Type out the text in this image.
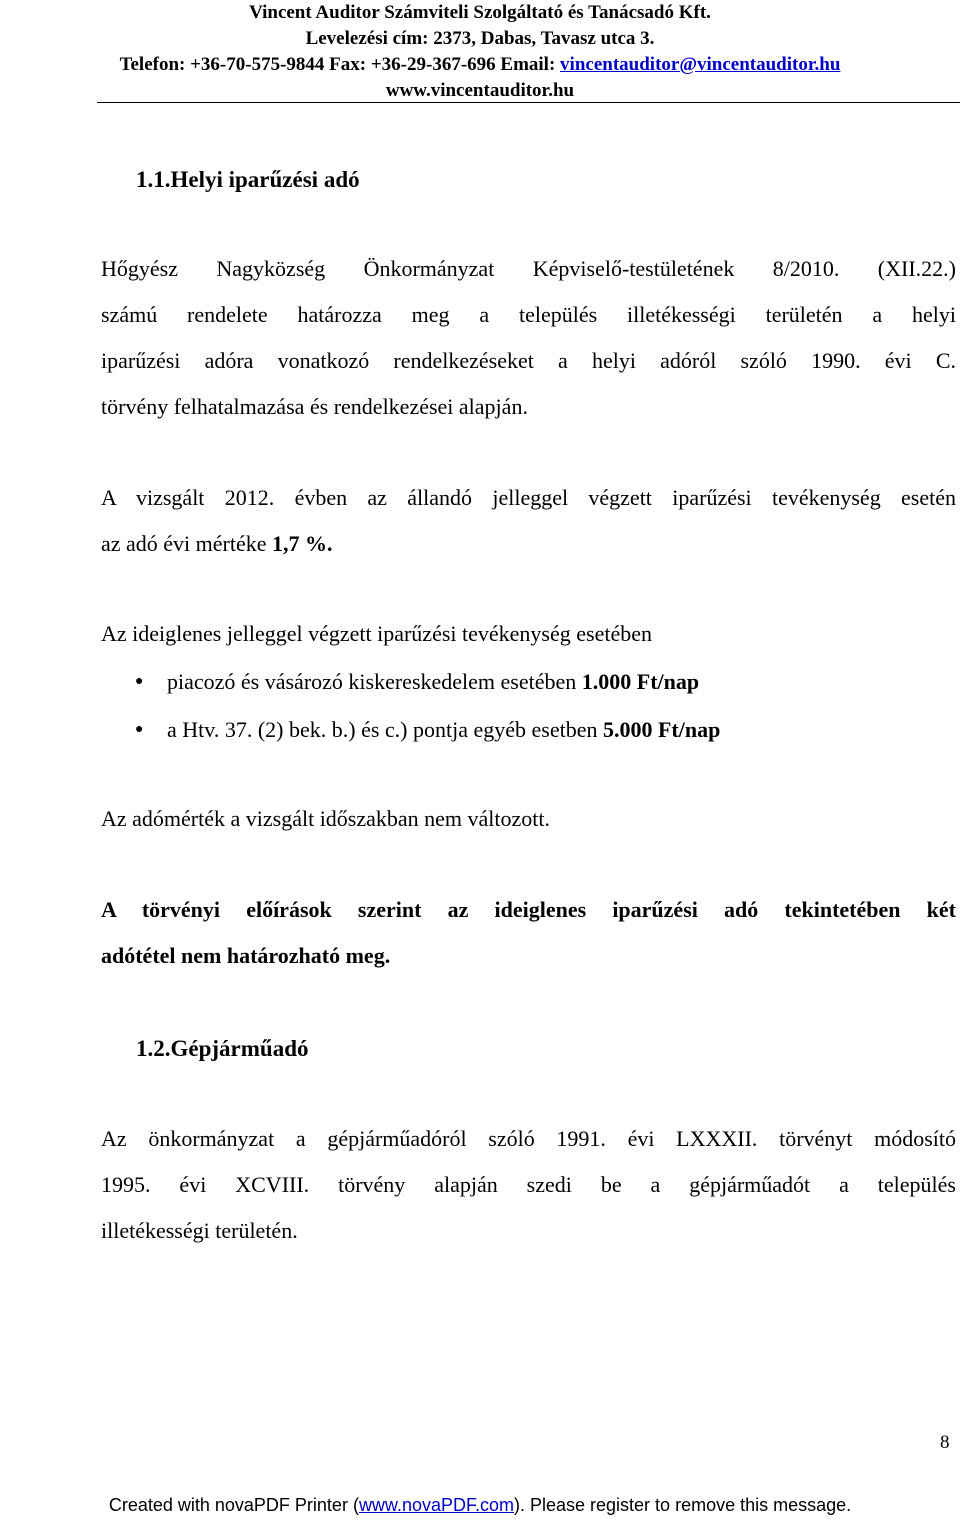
Vincent Auditor Számviteli Szolgáltató és Tanácsadó Kft.
Levelezési cím: 2373, Dabas, Tavasz utca 3.
Telefon: +36-70-575-9844 Fax: +36-29-367-696 Email: vincentauditor@vincentauditor.hu
www.vincentauditor.hu
1.1.Helyi iparűzési adó
Hőgyész Nagyközség Önkormányzat Képviselő-testületének 8/2010. (XII.22.)
számú rendelete határozza meg a település illetékességi területén a helyi
iparűzési adóra vonatkozó rendelkezéseket a helyi adóról szóló 1990. évi C.
törvény felhatalmazása és rendelkezései alapján.
A vizsgált 2012. évben az állandó jelleggel végzett iparűzési tevékenység esetén
az adó évi mértéke 1,7 %.
Az ideiglenes jelleggel végzett iparűzési tevékenység esetében
● piacozó és vásározó kiskereskedelem esetében 1.000 Ft/nap
● a Htv. 37. (2) bek. b.) és c.) pontja egyéb esetben 5.000 Ft/nap
Az adómérték a vizsgált időszakban nem változott.
A törvényi előírások szerint az ideiglenes iparűzési adó tekintetében két
adótétel nem határozható meg.
1.2.Gépjárműadó
Az önkormányzat a gépjárműadóról szóló 1991. évi LXXXII. törvényt módosító
1995. évi XCVIII. törvény alapján szedi be a gépjárműadót a település
illetékességi területén.
8
Created with novaPDF Printer (www.novaPDF.com). Please register to remove this message.
